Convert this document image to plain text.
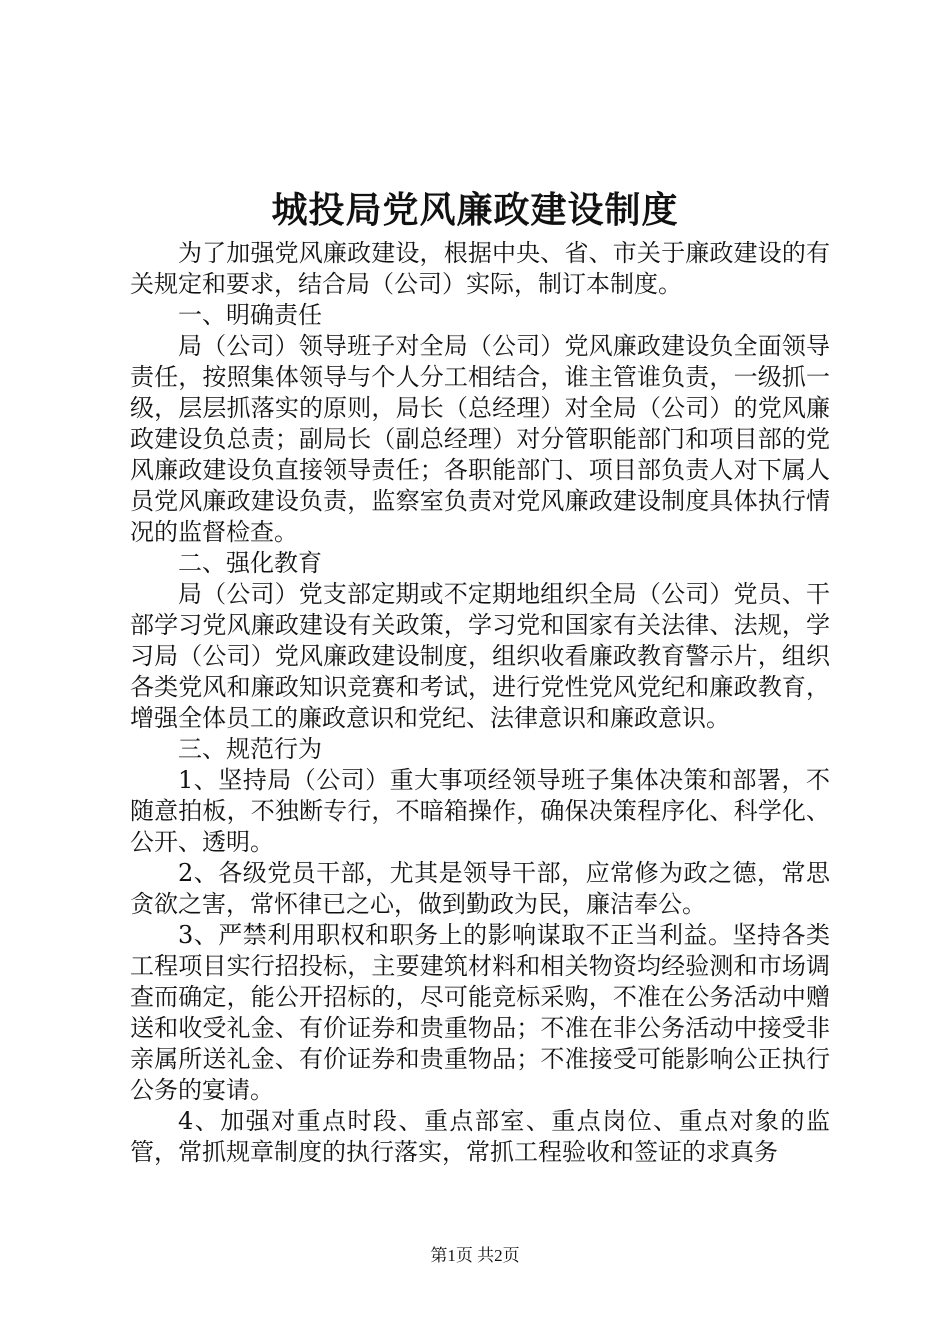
城投局党风廉政建设制度

为了加强党风廉政建设，根据中央、省、市关于廉政建设的有关规定和要求，结合局（公司）实际，制订本制度。

一、明确责任

局（公司）领导班子对全局（公司）党风廉政建设负全面领导责任，按照集体领导与个人分工相结合，谁主管谁负责，一级抓一级，层层抓落实的原则，局长（总经理）对全局（公司）的党风廉政建设负总责；副局长（副总经理）对分管职能部门和项目部的党风廉政建设负直接领导责任；各职能部门、项目部负责人对下属人员党风廉政建设负责，监察室负责对党风廉政建设制度具体执行情况的监督检查。

二、强化教育

局（公司）党支部定期或不定期地组织全局（公司）党员、干部学习党风廉政建设有关政策，学习党和国家有关法律、法规，学习局（公司）党风廉政建设制度，组织收看廉政教育警示片，组织各类党风和廉政知识竞赛和考试，进行党性党风党纪和廉政教育，增强全体员工的廉政意识和党纪、法律意识和廉政意识。

三、规范行为

1、坚持局（公司）重大事项经领导班子集体决策和部署，不随意拍板，不独断专行，不暗箱操作，确保决策程序化、科学化、公开、透明。

2、各级党员干部，尤其是领导干部，应常修为政之德，常思贪欲之害，常怀律已之心，做到勤政为民，廉洁奉公。

3、严禁利用职权和职务上的影响谋取不正当利益。坚持各类工程项目实行招投标，主要建筑材料和相关物资均经验测和市场调查而确定，能公开招标的，尽可能竞标采购，不准在公务活动中赠送和收受礼金、有价证券和贵重物品；不准在非公务活动中接受非亲属所送礼金、有价证券和贵重物品；不准接受可能影响公正执行公务的宴请。

4、加强对重点时段、重点部室、重点岗位、重点对象的监管，常抓规章制度的执行落实，常抓工程验收和签证的求真务

第1页 共2页
